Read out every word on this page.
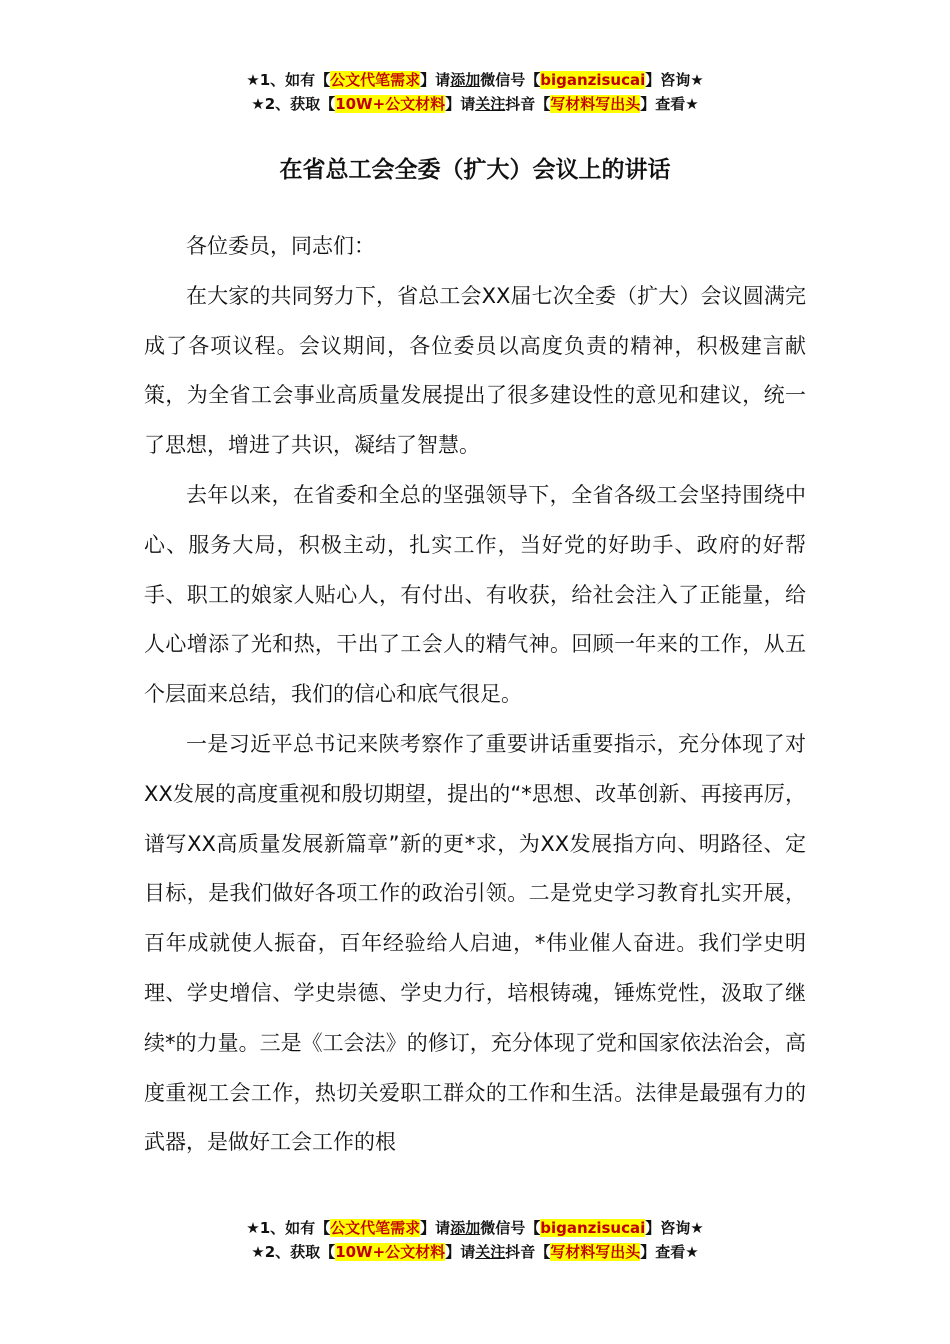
★1、如有【公文代笔需求】请添加微信号【biganzisucai】咨询★
★2、获取【10W+公文材料】请关注抖音【写材料写出头】查看★
在省总工会全委（扩大）会议上的讲话

各位委员，同志们：

在大家的共同努力下，省总工会XX届七次全委（扩大）会议圆满完成了各项议程。会议期间，各位委员以高度负责的精神，积极建言献策，为全省工会事业高质量发展提出了很多建设性的意见和建议，统一了思想，增进了共识，凝结了智慧。

去年以来，在省委和全总的坚强领导下，全省各级工会坚持围绕中心、服务大局，积极主动，扎实工作，当好党的好助手、政府的好帮手、职工的娘家人贴心人，有付出、有收获，给社会注入了正能量，给人心增添了光和热，干出了工会人的精气神。回顾一年来的工作，从五个层面来总结，我们的信心和底气很足。

一是习近平总书记来陕考察作了重要讲话重要指示，充分体现了对XX发展的高度重视和殷切期望，提出的“*思想、改革创新、再接再厉，谱写XX高质量发展新篇章”新的更*求，为XX发展指方向、明路径、定目标，是我们做好各项工作的政治引领。二是党史学习教育扎实开展，百年成就使人振奋，百年经验给人启迪，*伟业催人奋进。我们学史明理、学史增信、学史崇德、学史力行，培根铸魂，锤炼党性，汲取了继续*的力量。三是《工会法》的修订，充分体现了党和国家依法治会，高度重视工会工作，热切关爱职工群众的工作和生活。法律是最强有力的武器，是做好工会工作的根

★1、如有【公文代笔需求】请添加微信号【biganzisucai】咨询★
★2、获取【10W+公文材料】请关注抖音【写材料写出头】查看★
